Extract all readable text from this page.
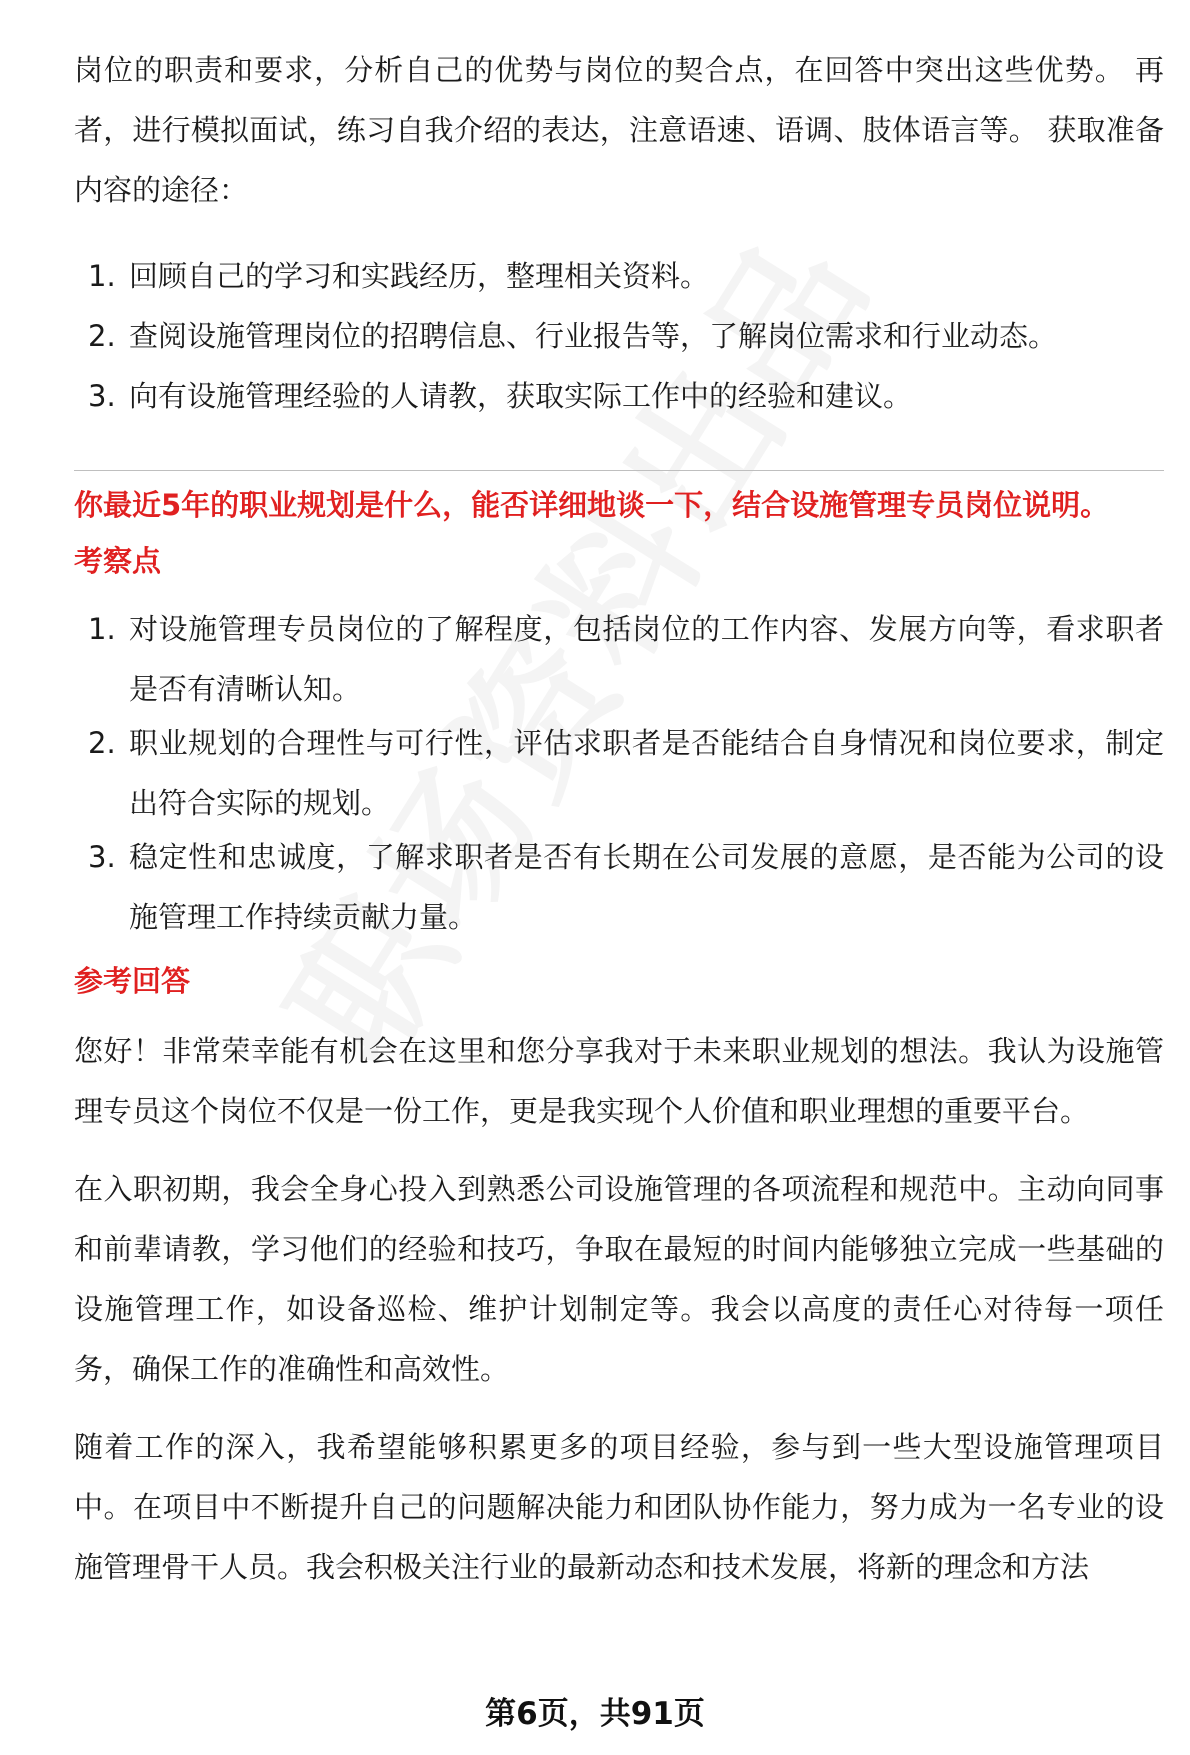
岗位的职责和要求，分析自己的优势与岗位的契合点，在回答中突出这些优势。 再者，进行模拟面试，练习自我介绍的表达，注意语速、语调、肢体语言等。 获取准备内容的途径：

1. 回顾自己的学习和实践经历，整理相关资料。
2. 查阅设施管理岗位的招聘信息、行业报告等，了解岗位需求和行业动态。
3. 向有设施管理经验的人请教，获取实际工作中的经验和建议。

你最近5年的职业规划是什么，能否详细地谈一下，结合设施管理专员岗位说明。

考察点

1. 对设施管理专员岗位的了解程度，包括岗位的工作内容、发展方向等，看求职者是否有清晰认知。
2. 职业规划的合理性与可行性，评估求职者是否能结合自身情况和岗位要求，制定出符合实际的规划。
3. 稳定性和忠诚度，了解求职者是否有长期在公司发展的意愿，是否能为公司的设施管理工作持续贡献力量。

参考回答

您好！非常荣幸能有机会在这里和您分享我对于未来职业规划的想法。我认为设施管理专员这个岗位不仅是一份工作，更是我实现个人价值和职业理想的重要平台。

在入职初期，我会全身心投入到熟悉公司设施管理的各项流程和规范中。主动向同事和前辈请教，学习他们的经验和技巧，争取在最短的时间内能够独立完成一些基础的设施管理工作，如设备巡检、维护计划制定等。我会以高度的责任心对待每一项任务，确保工作的准确性和高效性。

随着工作的深入，我希望能够积累更多的项目经验，参与到一些大型设施管理项目中。在项目中不断提升自己的问题解决能力和团队协作能力，努力成为一名专业的设施管理骨干人员。我会积极关注行业的最新动态和技术发展，将新的理念和方法

第6页，共91页
